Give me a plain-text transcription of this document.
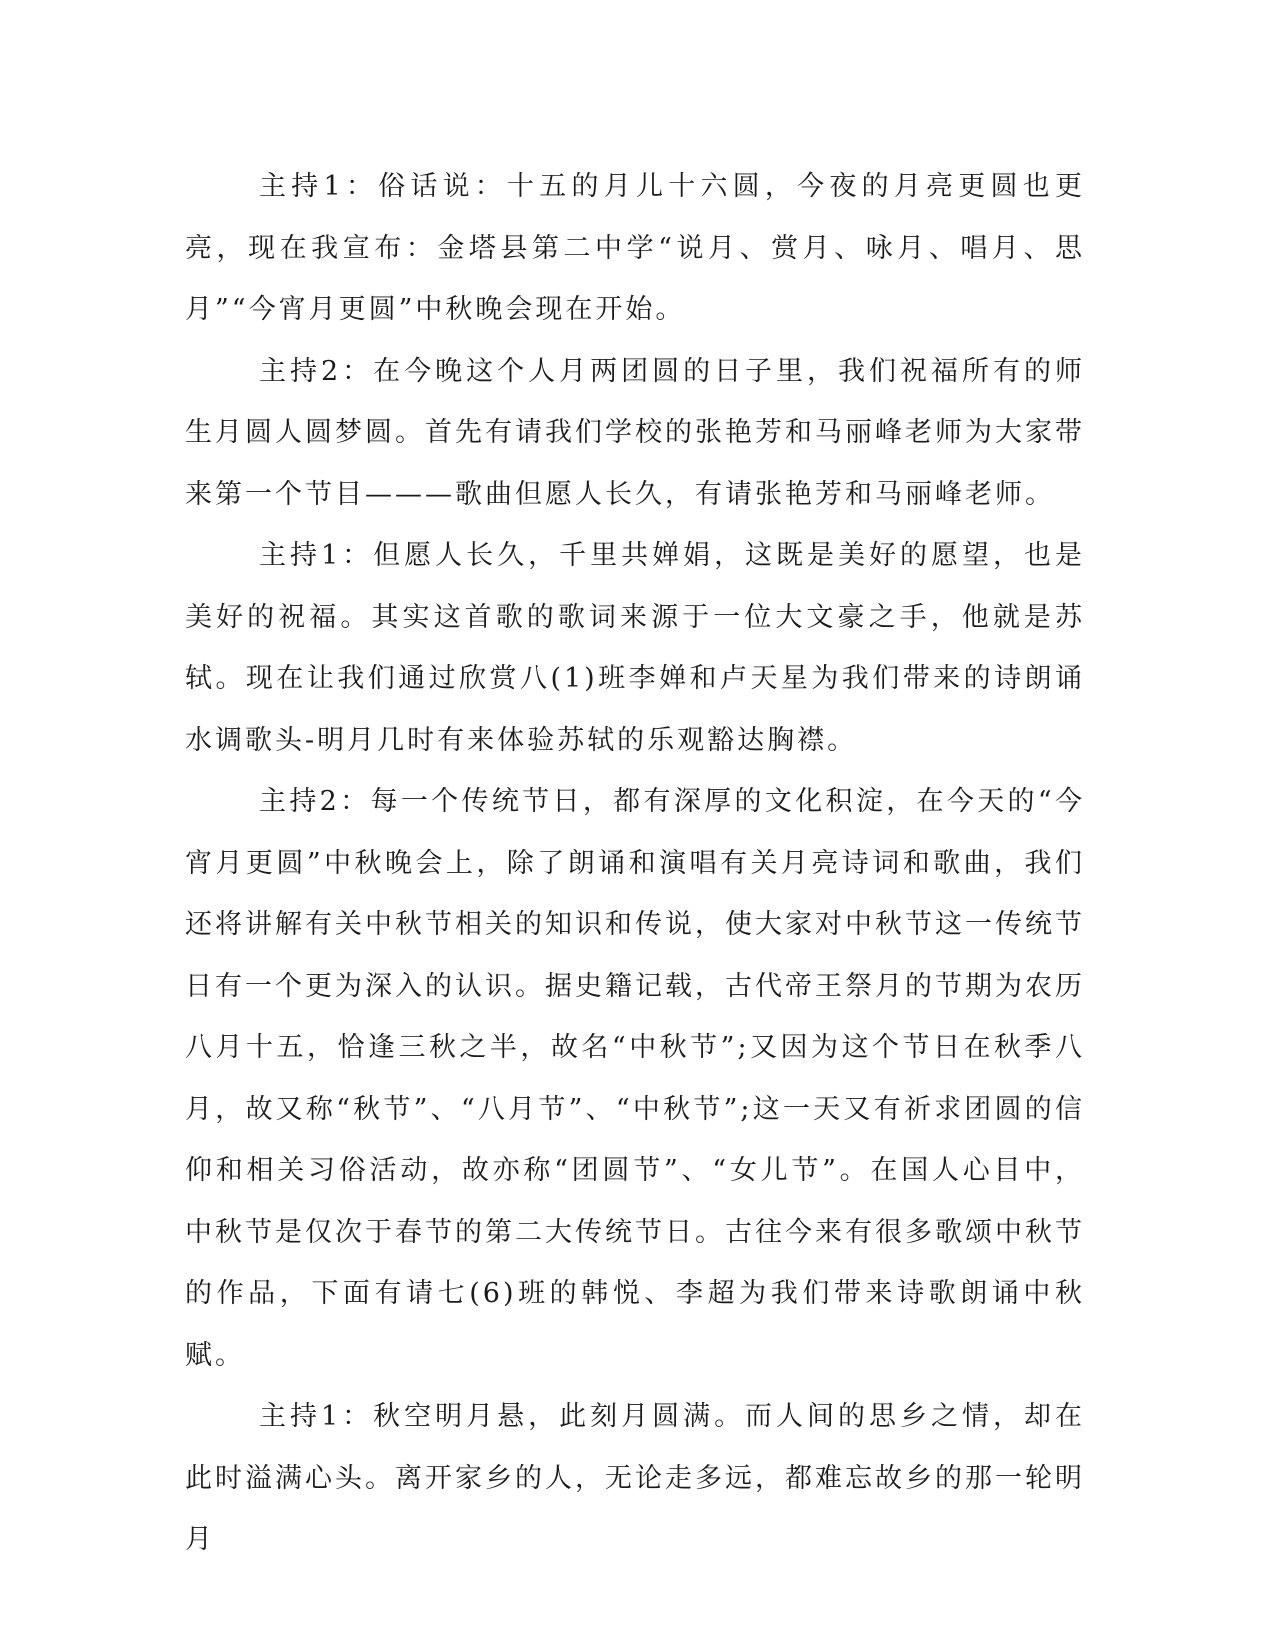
主持1：俗话说：十五的月儿十六圆，今夜的月亮更圆也更亮，现在我宣布：金塔县第二中学“说月、赏月、咏月、唱月、思月”“今宵月更圆”中秋晚会现在开始。

主持2：在今晚这个人月两团圆的日子里，我们祝福所有的师生月圆人圆梦圆。首先有请我们学校的张艳芳和马丽峰老师为大家带来第一个节目———歌曲但愿人长久，有请张艳芳和马丽峰老师。

主持1：但愿人长久，千里共婵娟，这既是美好的愿望，也是美好的祝福。其实这首歌的歌词来源于一位大文豪之手，他就是苏轼。现在让我们通过欣赏八(1)班李婵和卢天星为我们带来的诗朗诵水调歌头-明月几时有来体验苏轼的乐观豁达胸襟。

主持2：每一个传统节日，都有深厚的文化积淀，在今天的“今宵月更圆”中秋晚会上，除了朗诵和演唱有关月亮诗词和歌曲，我们还将讲解有关中秋节相关的知识和传说，使大家对中秋节这一传统节日有一个更为深入的认识。据史籍记载，古代帝王祭月的节期为农历八月十五，恰逢三秋之半，故名“中秋节”;又因为这个节日在秋季八月，故又称“秋节”、“八月节”、“中秋节”;这一天又有祈求团圆的信仰和相关习俗活动，故亦称“团圆节”、“女儿节”。在国人心目中，中秋节是仅次于春节的第二大传统节日。古往今来有很多歌颂中秋节的作品，下面有请七(6)班的韩悦、李超为我们带来诗歌朗诵中秋赋。

主持1：秋空明月悬，此刻月圆满。而人间的思乡之情，却在此时溢满心头。离开家乡的人，无论走多远，都难忘故乡的那一轮明月
